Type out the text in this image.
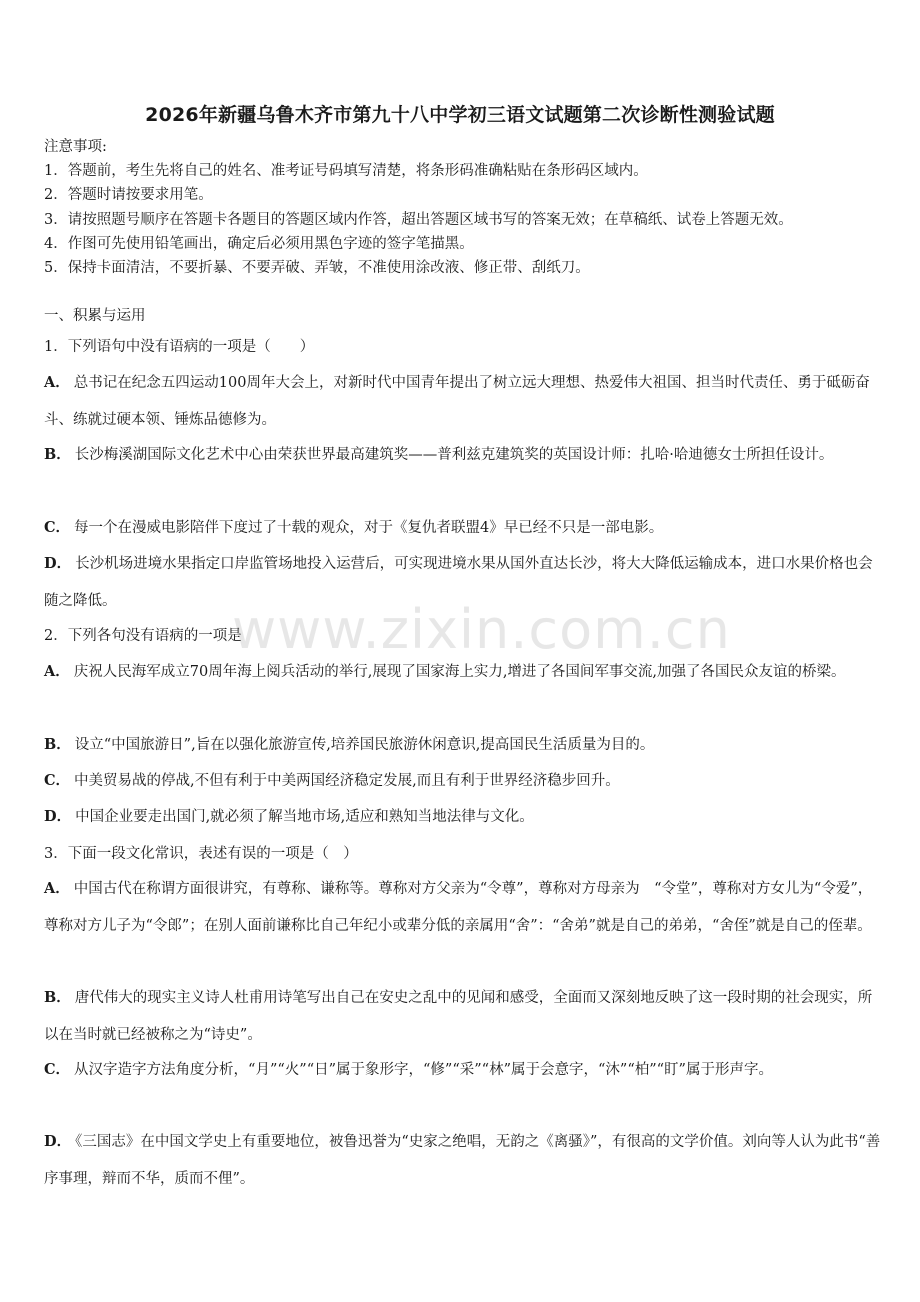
2026年新疆乌鲁木齐市第九十八中学初三语文试题第二次诊断性测验试题
注意事项:
1．答题前，考生先将自己的姓名、准考证号码填写清楚，将条形码准确粘贴在条形码区域内。
2．答题时请按要求用笔。
3．请按照题号顺序在答题卡各题目的答题区域内作答，超出答题区域书写的答案无效；在草稿纸、试卷上答题无效。
4．作图可先使用铅笔画出，确定后必须用黑色字迹的签字笔描黑。
5．保持卡面清洁，不要折暴、不要弄破、弄皱，不准使用涂改液、修正带、刮纸刀。
一、积累与运用
1．下列语句中没有语病的一项是（　　）
A． 总书记在纪念五四运动100周年大会上，对新时代中国青年提出了树立远大理想、热爱伟大祖国、担当时代责任、勇于砥砺奋斗、练就过硬本领、锤炼品德修为。
B． 长沙梅溪湖国际文化艺术中心由荣获世界最高建筑奖——普利兹克建筑奖的英国设计师：扎哈·哈迪德女士所担任设计。
C． 每一个在漫威电影陪伴下度过了十载的观众，对于《复仇者联盟4》早已经不只是一部电影。
D． 长沙机场进境水果指定口岸监管场地投入运营后，可实现进境水果从国外直达长沙，将大大降低运输成本，进口水果价格也会随之降低。
2．下列各句没有语病的一项是
A． 庆祝人民海军成立70周年海上阅兵活动的举行,展现了国家海上实力,增进了各国间军事交流,加强了各国民众友谊的桥梁。
B． 设立“中国旅游日”,旨在以强化旅游宣传,培养国民旅游休闲意识,提高国民生活质量为目的。
C． 中美贸易战的停战,不但有利于中美两国经济稳定发展,而且有利于世界经济稳步回升。
D． 中国企业要走出国门,就必须了解当地市场,适应和熟知当地法律与文化。
3．下面一段文化常识，表述有误的一项是（　）
A． 中国古代在称谓方面很讲究，有尊称、谦称等。尊称对方父亲为“令尊”，尊称对方母亲为　“令堂”，尊称对方女儿为“令爱”，尊称对方儿子为“令郎”；在别人面前谦称比自己年纪小或辈分低的亲属用“舍”：“舍弟”就是自己的弟弟，“舍侄”就是自己的侄辈。
B． 唐代伟大的现实主义诗人杜甫用诗笔写出自己在安史之乱中的见闻和感受，全面而又深刻地反映了这一段时期的社会现实，所以在当时就已经被称之为“诗史”。
C． 从汉字造字方法角度分析，“月”“火”“日”属于象形字，“修”“采”“林”属于会意字，“沐”“柏”“盯”属于形声字。
D． 《三国志》在中国文学史上有重要地位，被鲁迅誉为“史家之绝唱，无韵之《离骚》”，有很高的文学价值。刘向等人认为此书“善序事理，辩而不华，质而不俚”。
www.zixin.com.cn
